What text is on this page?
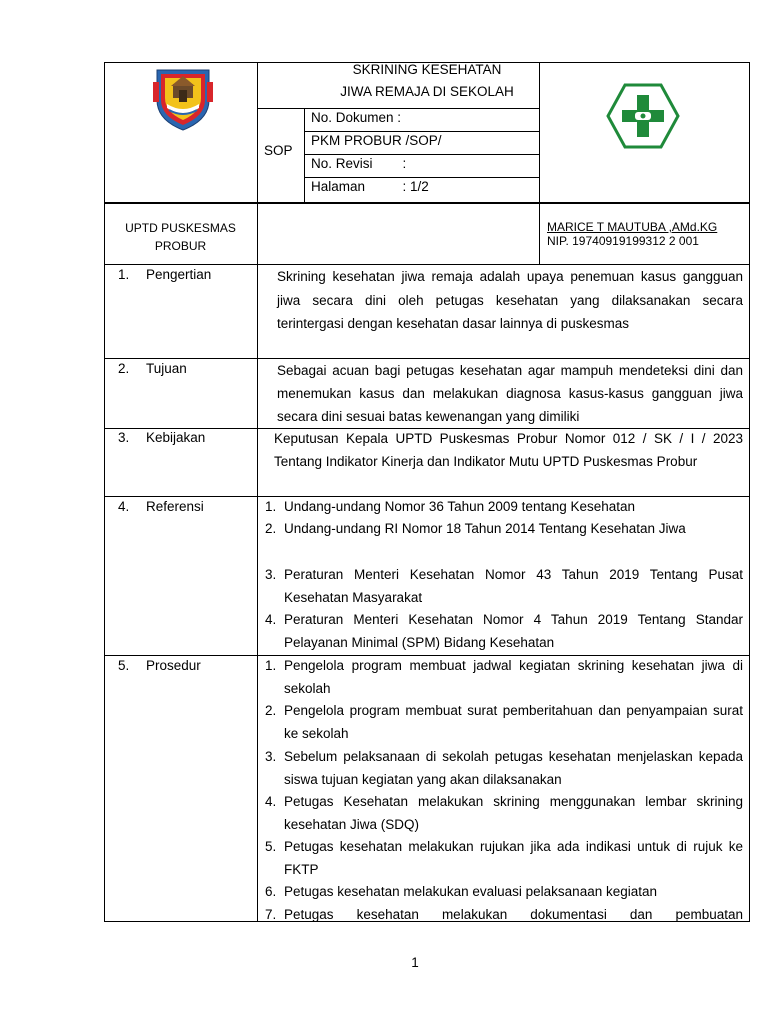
SKRINING KESEHATAN
JIWA REMAJA DI SEKOLAH
SOP
No. Dokumen :
PKM PROBUR /SOP/
No. Revisi        :
Halaman          : 1/2
UPTD PUSKESMAS
PROBUR
MARICE T MAUTUBA ,AMd.KG
NIP. 19740919199312 2 001
1. Pengertian	Skrining kesehatan jiwa remaja adalah upaya penemuan kasus gangguan jiwa secara dini oleh petugas kesehatan yang dilaksanakan secara terintergasi dengan kesehatan dasar lainnya di puskesmas
2. Tujuan	Sebagai acuan bagi petugas kesehatan agar mampuh mendeteksi dini dan menemukan kasus dan melakukan diagnosa kasus-kasus gangguan jiwa secara dini sesuai batas kewenangan yang dimiliki
3. Kebijakan	Keputusan Kepala UPTD Puskesmas Probur Nomor 012 / SK / I / 2023 Tentang Indikator Kinerja dan Indikator Mutu UPTD Puskesmas Probur
4. Referensi	1. Undang-undang Nomor 36 Tahun 2009 tentang Kesehatan
2. Undang-undang RI Nomor 18 Tahun 2014 Tentang Kesehatan Jiwa
3. Peraturan Menteri Kesehatan Nomor 43 Tahun 2019 Tentang Pusat Kesehatan Masyarakat
4. Peraturan Menteri Kesehatan Nomor 4 Tahun 2019 Tentang Standar Pelayanan Minimal (SPM) Bidang Kesehatan
5. Prosedur	1. Pengelola program membuat jadwal kegiatan skrining kesehatan jiwa di sekolah
2. Pengelola program membuat surat pemberitahuan dan penyampaian surat ke sekolah
3. Sebelum pelaksanaan di sekolah petugas kesehatan menjelaskan kepada siswa tujuan kegiatan yang akan dilaksanakan
4. Petugas Kesehatan melakukan skrining menggunakan lembar skrining kesehatan Jiwa (SDQ)
5. Petugas kesehatan melakukan rujukan jika ada indikasi untuk di rujuk ke FKTP
6. Petugas kesehatan melakukan evaluasi pelaksanaan kegiatan
7. Petugas kesehatan melakukan dokumentasi dan pembuatan
1
